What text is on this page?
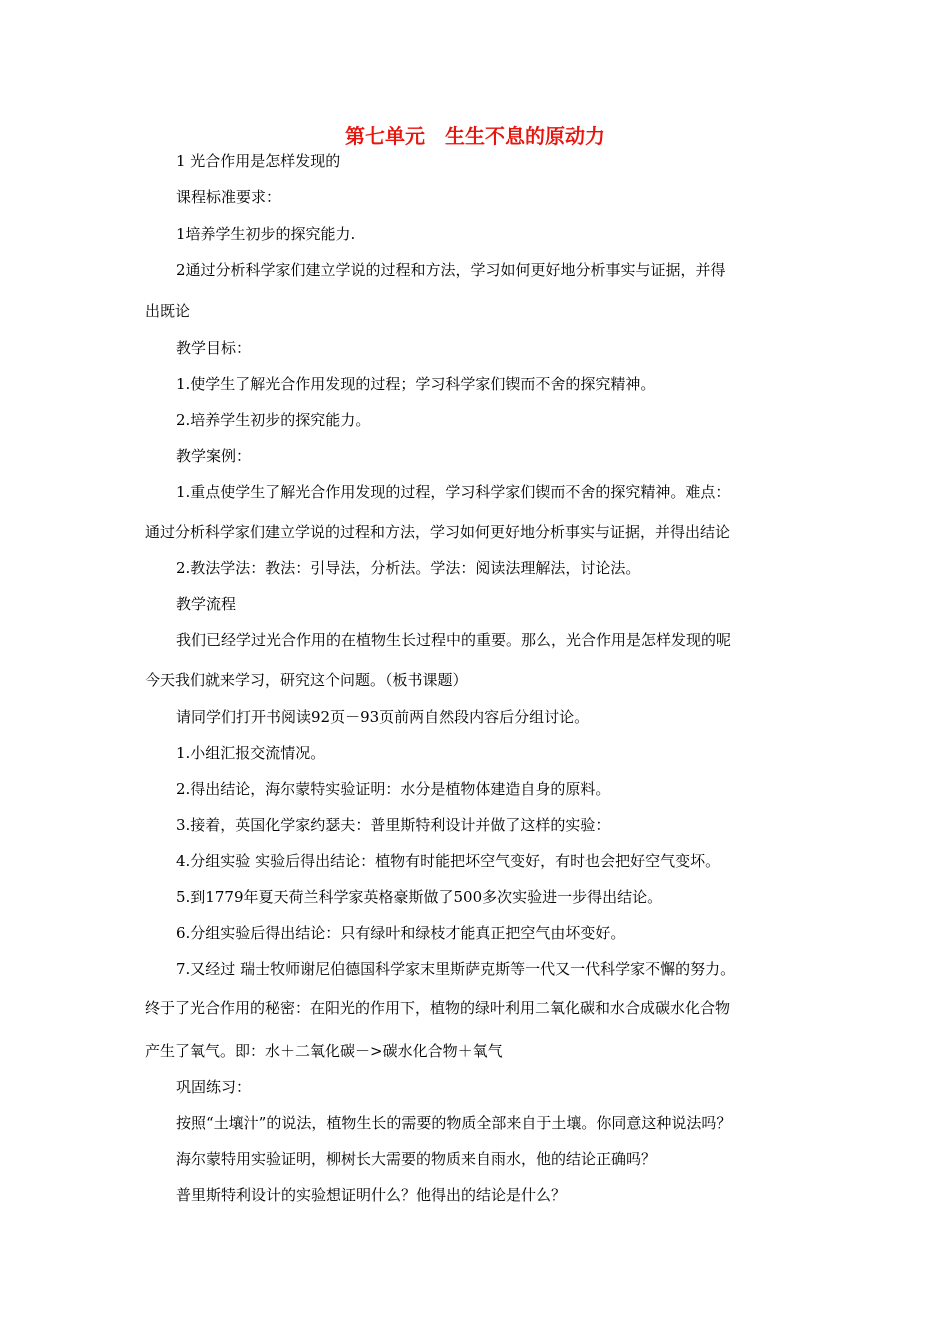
第七单元　生生不息的原动力
1 光合作用是怎样发现的
课程标准要求：
1培养学生初步的探究能力.
2通过分析科学家们建立学说的过程和方法，学习如何更好地分析事实与证据，并得
出既论
教学目标：
1.使学生了解光合作用发现的过程；学习科学家们锲而不舍的探究精神。
2.培养学生初步的探究能力。
教学案例：
1.重点使学生了解光合作用发现的过程，学习科学家们锲而不舍的探究精神。难点：
通过分析科学家们建立学说的过程和方法，学习如何更好地分析事实与证据，并得出结论
2.教法学法：教法：引导法，分析法。学法：阅读法理解法，讨论法。
教学流程
我们已经学过光合作用的在植物生长过程中的重要。那么，光合作用是怎样发现的呢
今天我们就来学习，研究这个问题。（板书课题）
请同学们打开书阅读92页－93页前两自然段内容后分组讨论。
1.小组汇报交流情况。
2.得出结论，海尔蒙特实验证明：水分是植物体建造自身的原料。
3.接着，英国化学家约瑟夫：普里斯特利设计并做了这样的实验：
4.分组实验 实验后得出结论：植物有时能把坏空气变好，有时也会把好空气变坏。
5.到1779年夏天荷兰科学家英格豪斯做了500多次实验进一步得出结论。
6.分组实验后得出结论：只有绿叶和绿枝才能真正把空气由坏变好。
7.又经过 瑞士牧师谢尼伯德国科学家末里斯萨克斯等一代又一代科学家不懈的努力。
终于了光合作用的秘密：在阳光的作用下，植物的绿叶利用二氧化碳和水合成碳水化合物
产生了氧气。即：水＋二氧化碳－>碳水化合物＋氧气
巩固练习：
按照“土壤汁”的说法，植物生长的需要的物质全部来自于土壤。你同意这种说法吗？
海尔蒙特用实验证明，柳树长大需要的物质来自雨水，他的结论正确吗？
普里斯特利设计的实验想证明什么？他得出的结论是什么？
